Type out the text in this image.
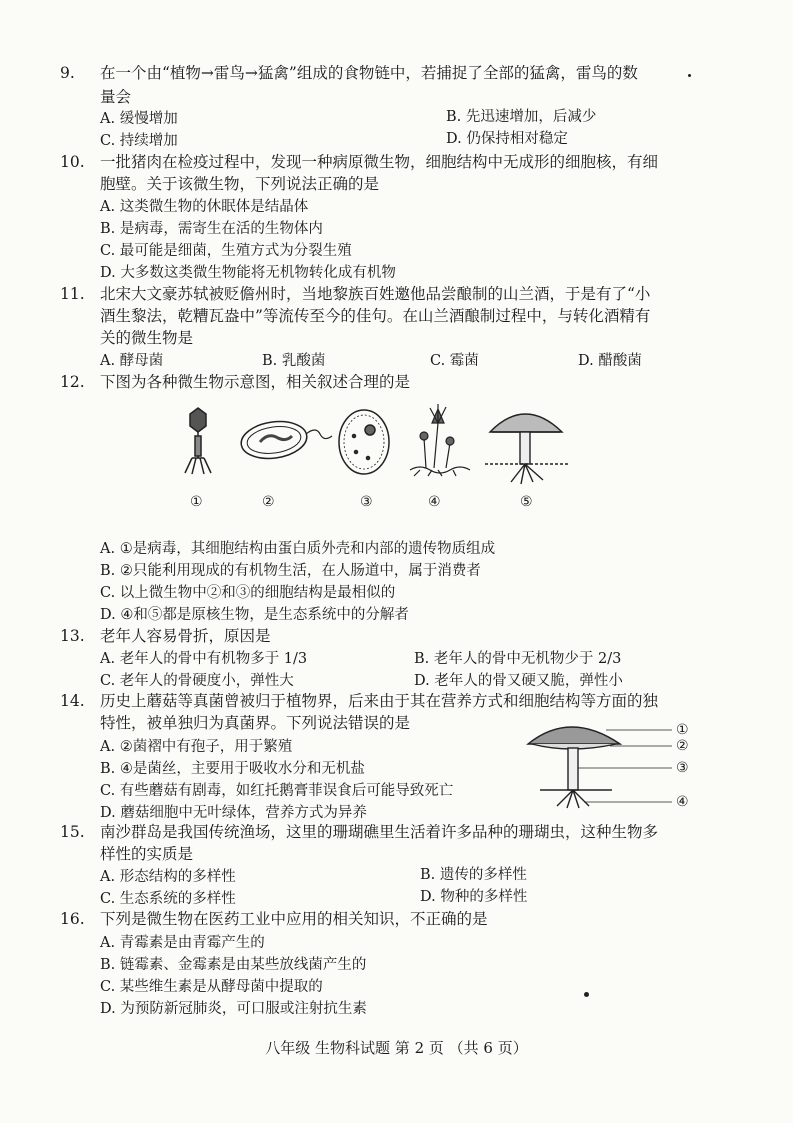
9. 在一个由“植物→雷鸟→猛禽”组成的食物链中，若捕捉了全部的猛禽，雷鸟的数
量会
A. 缓慢增加	B. 先迅速增加，后减少
C. 持续增加	D. 仍保持相对稳定
10. 一批猪肉在检疫过程中，发现一种病原微生物，细胞结构中无成形的细胞核，有细
胞壁。关于该微生物，下列说法正确的是
A. 这类微生物的休眠体是结晶体
B. 是病毒，需寄生在活的生物体内
C. 最可能是细菌，生殖方式为分裂生殖
D. 大多数这类微生物能将无机物转化成有机物
11. 北宋大文豪苏轼被贬儋州时，当地黎族百姓邀他品尝酿制的山兰酒，于是有了“小
酒生黎法，乾糟瓦盎中”等流传至今的佳句。在山兰酒酿制过程中，与转化酒精有
关的微生物是
A. 酵母菌	B. 乳酸菌	C. 霉菌	D. 醋酸菌
12. 下图为各种微生物示意图，相关叙述合理的是
①	②	③	④	⑤
A. ①是病毒，其细胞结构由蛋白质外壳和内部的遗传物质组成
B. ②只能利用现成的有机物生活，在人肠道中，属于消费者
C. 以上微生物中②和③的细胞结构是最相似的
D. ④和⑤都是原核生物，是生态系统中的分解者
13. 老年人容易骨折，原因是
A. 老年人的骨中有机物多于 1/3	B. 老年人的骨中无机物少于 2/3
C. 老年人的骨硬度小，弹性大	D. 老年人的骨又硬又脆，弹性小
14. 历史上蘑菇等真菌曾被归于植物界，后来由于其在营养方式和细胞结构等方面的独
特性，被单独归为真菌界。下列说法错误的是
A. ②菌褶中有孢子，用于繁殖
B. ④是菌丝，主要用于吸收水分和无机盐
C. 有些蘑菇有剧毒，如红托鹅膏菲误食后可能导致死亡
D. 蘑菇细胞中无叶绿体，营养方式为异养
①
②
③
④
15. 南沙群岛是我国传统渔场，这里的珊瑚礁里生活着许多品种的珊瑚虫，这种生物多
样性的实质是
A. 形态结构的多样性	B. 遗传的多样性
C. 生态系统的多样性	D. 物种的多样性
16. 下列是微生物在医药工业中应用的相关知识，不正确的是
A. 青霉素是由青霉产生的
B. 链霉素、金霉素是由某些放线菌产生的
C. 某些维生素是从酵母菌中提取的
D. 为预防新冠肺炎，可口服或注射抗生素
八年级 生物科试题 第 2 页 （共 6 页）
